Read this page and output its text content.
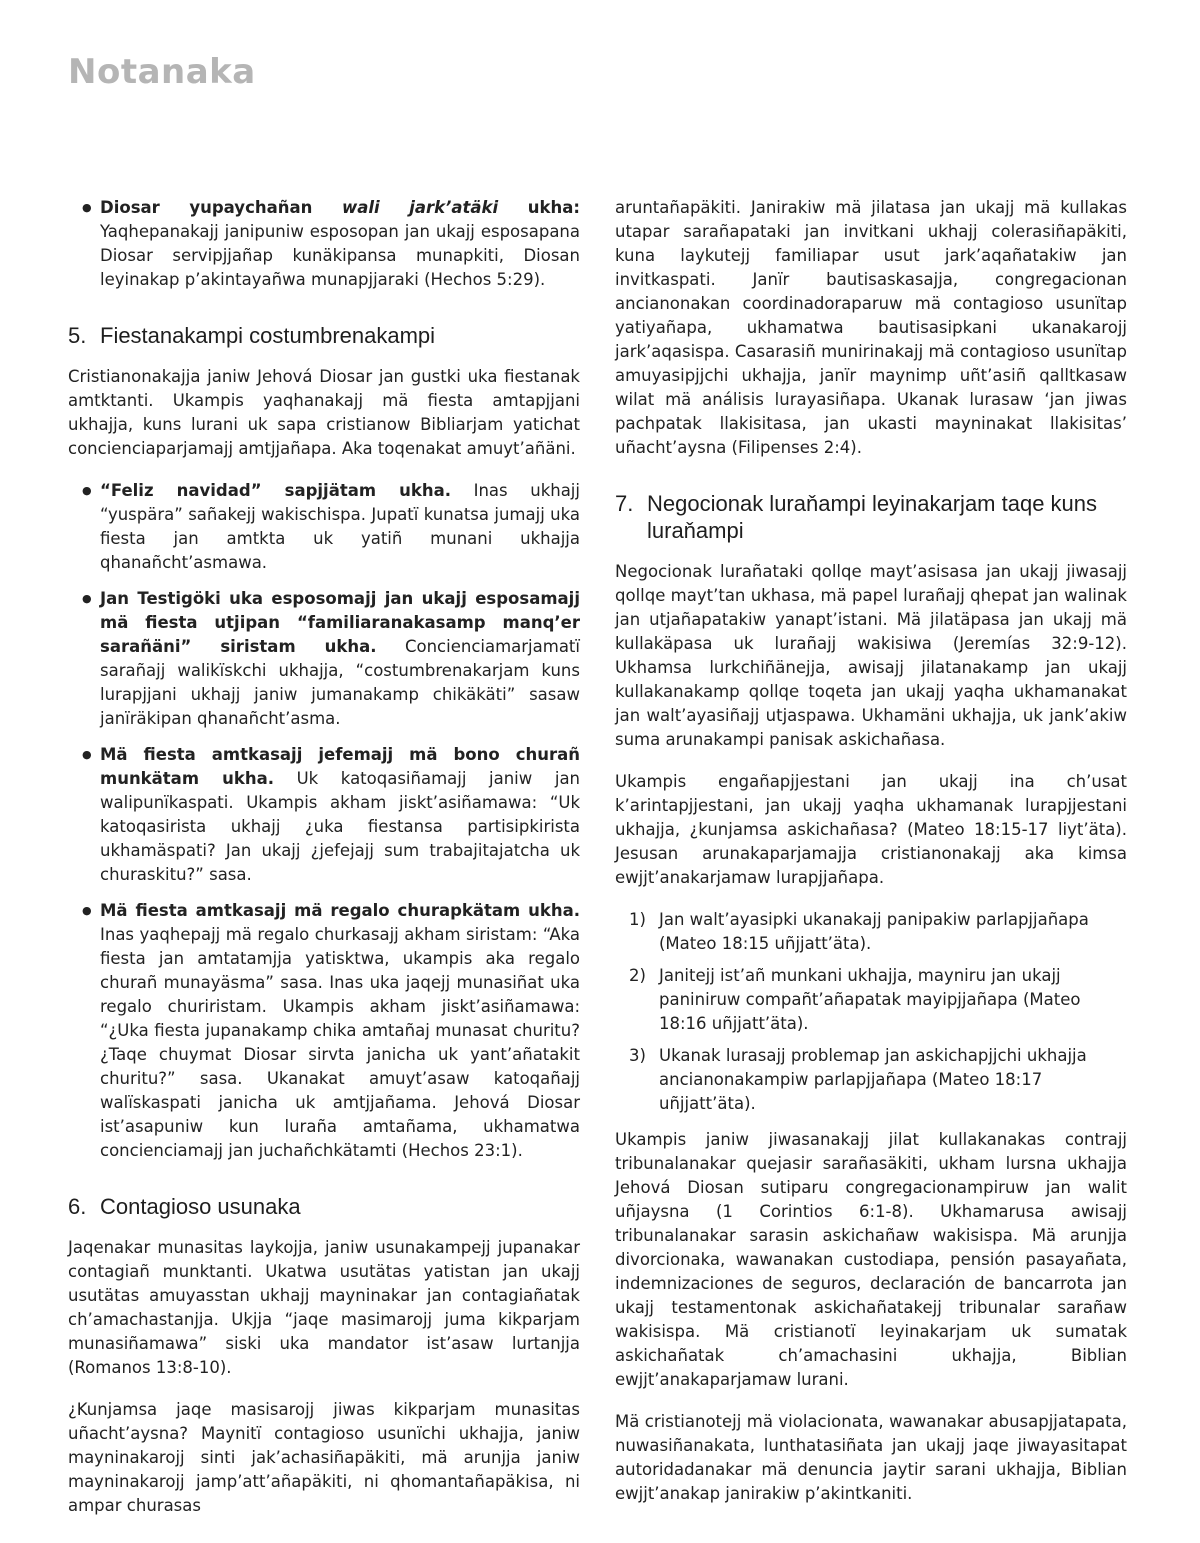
Notanaka
● Diosar yupaychañan wali jark’atäki ukha: Yaqhepanakajj janipuniw esposopan jan ukajj esposapana Diosar servipjjañap kunäkipansa munapkiti, Diosan leyinakap p’akintayañwa munapjjaraki (Hechos 5:29).
5. Fiestanakampi costumbrenakampi

Cristianonakajja janiw Jehová Diosar jan gustki uka fiestanak amtktanti. Ukampis yaqhanakajj mä fiesta amtapjjani ukhajja, kuns lurani uk sapa cristianow Bibliarjam yatichat concienciaparjamajj amtjjañapa. Aka toqenakat amuyt’añäni.

● “Feliz navidad” sapjjätam ukha. Inas ukhajj “yuspära” sañakejj wakischispa. Jupatï kunatsa jumajj uka fiesta jan amtkta uk yatiñ munani ukhajja qhanañcht’asmawa.
● Jan Testigöki uka esposomajj jan ukajj esposamajj mä fiesta utjipan “familiaranakasamp manq’er sarañäni” siristam ukha. Concienciamarjamatï sarañajj walikïskchi ukhajja, “costumbrenakarjam kuns lurapjjani ukhajj janiw jumanakamp chikäkäti” sasaw janïräkipan qhanañcht’asma.
● Mä fiesta amtkasajj jefemajj mä bono churañ munkätam ukha. Uk katoqasiñamajj janiw jan walipunïkaspati. Ukampis akham jiskt’asiñamawa: “Uk katoqasirista ukhajj ¿uka fiestansa partisipkirista ukhamäspati? Jan ukajj ¿jefejajj sum trabajitajatcha uk churaskitu?” sasa.
● Mä fiesta amtkasajj mä regalo churapkätam ukha. Inas yaqhepajj mä regalo churkasajj akham siristam: “Aka fiesta jan amtatamjja yatisktwa, ukampis aka regalo churañ munayäsma” sasa. Inas uka jaqejj munasiñat uka regalo churiristam. Ukampis akham jiskt’asiñamawa: “¿Uka fiesta jupanakamp chika amtañaj munasat churitu? ¿Taqe chuymat Diosar sirvta janicha uk yant’añatakit churitu?” sasa. Ukanakat amuyt’asaw katoqañajj walïskaspati janicha uk amtjjañama. Jehová Diosar ist’asapuniw kun luraña amtañama, ukhamatwa concienciamajj jan juchañchkätamti (Hechos 23:1).
6. Contagioso usunaka

Jaqenakar munasitas laykojja, janiw usunakampejj jupanakar contagiañ munktanti. Ukatwa usutätas yatistan jan ukajj usutätas amuyasstan ukhajj mayninakar jan contagiañatak ch’amachastanjja. Ukjja “jaqe masimarojj juma kikparjam munasiñamawa” siski uka mandator ist’asaw lurtanjja (Romanos 13:8-10).

¿Kunjamsa jaqe masisarojj jiwas kikparjam munasitas uñacht’aysna? Maynitï contagioso usunïchi ukhajja, janiw mayninakarojj sinti jak’achasiñapäkiti, mä arunjja janiw mayninakarojj jamp’att’añapäkiti, ni qhomantañapäkisa, ni ampar churasas

aruntañapäkiti. Janirakiw mä jilatasa jan ukajj mä kullakas utapar sarañapataki jan invitkani ukhajj colerasiñapäkiti, kuna laykutejj familiapar usut jark’aqañatakiw jan invitkaspati. Janïr bautisaskasajja, congregacionan ancianonakan coordinadoraparuw mä contagioso usunïtap yatiyañapa, ukhamatwa bautisasipkani ukanakarojj jark’aqasispa. Casarasiñ munirinakajj mä contagioso usunïtap amuyasipjjchi ukhajja, janïr maynimp uñt’asiñ qalltkasaw wilat mä análisis lurayasiñapa. Ukanak lurasaw ‘jan jiwas pachpatak llakisitasa, jan ukasti mayninakat llakisitas’ uñacht’aysna (Filipenses 2:4).

7. Negocionak luraňampi leyinakarjam taqe kuns luraňampi

Negocionak lurañataki qollqe mayt’asisasa jan ukajj jiwasajj qollqe mayt’tan ukhasa, mä papel lurañajj qhepat jan walinak jan utjañapatakiw yanapt’istani. Mä jilatäpasa jan ukajj mä kullakäpasa uk lurañajj wakisiwa (Jeremías 32:9-12). Ukhamsa lurkchiñänejja, awisajj jilatanakamp jan ukajj kullakanakamp qollqe toqeta jan ukajj yaqha ukhamanakat jan walt’ayasiñajj utjaspawa. Ukhamäni ukhajja, uk jank’akiw suma arunakampi panisak askichañasa.

Ukampis engañapjjestani jan ukajj ina ch’usat k’arintapjjestani, jan ukajj yaqha ukhamanak lurapjjestani ukhajja, ¿kunjamsa askichañasa? (Mateo 18:15-17 liyt’äta). Jesusan arunakaparjamajja cristianonakajj aka kimsa ewjjt’anakarjamaw lurapjjañapa.

1) Jan walt’ayasipki ukanakajj panipakiw parlapjjañapa (Mateo 18:15 uñjjatt’äta).
2) Janitejj ist’añ munkani ukhajja, mayniru jan ukajj paniniruw compañt’añapatak mayipjjañapa (Mateo 18:16 uñjjatt’äta).
3) Ukanak lurasajj problemap jan askichapjjchi ukhajja ancianonakampiw parlapjjañapa (Mateo 18:17 uñjjatt’äta).

Ukampis janiw jiwasanakajj jilat kullakanakas contrajj tribunalanakar quejasir sarañasäkiti, ukham lursna ukhajja Jehová Diosan sutiparu congregacionampiruw jan walit uñjaysna (1 Corintios 6:1-8). Ukhamarusa awisajj tribunalanakar sarasin askichañaw wakisispa. Mä arunjja divorcionaka, wawanakan custodiapa, pensión pasayañata, indemnizaciones de seguros, declaración de bancarrota jan ukajj testamentonak askichañatakejj tribunalar sarañaw wakisispa. Mä cristianotï leyinakarjam uk sumatak askichañatak ch’amachasini ukhajja, Biblian ewjjt’anakaparjamaw lurani.

Mä cristianotejj mä violacionata, wawanakar abusapjjatapata, nuwasiñanakata, lunthatasiñata jan ukajj jaqe jiwayasitapat autoridadanakar mä denuncia jaytir sarani ukhajja, Biblian ewjjt’anakap janirakiw p’akintkaniti.
